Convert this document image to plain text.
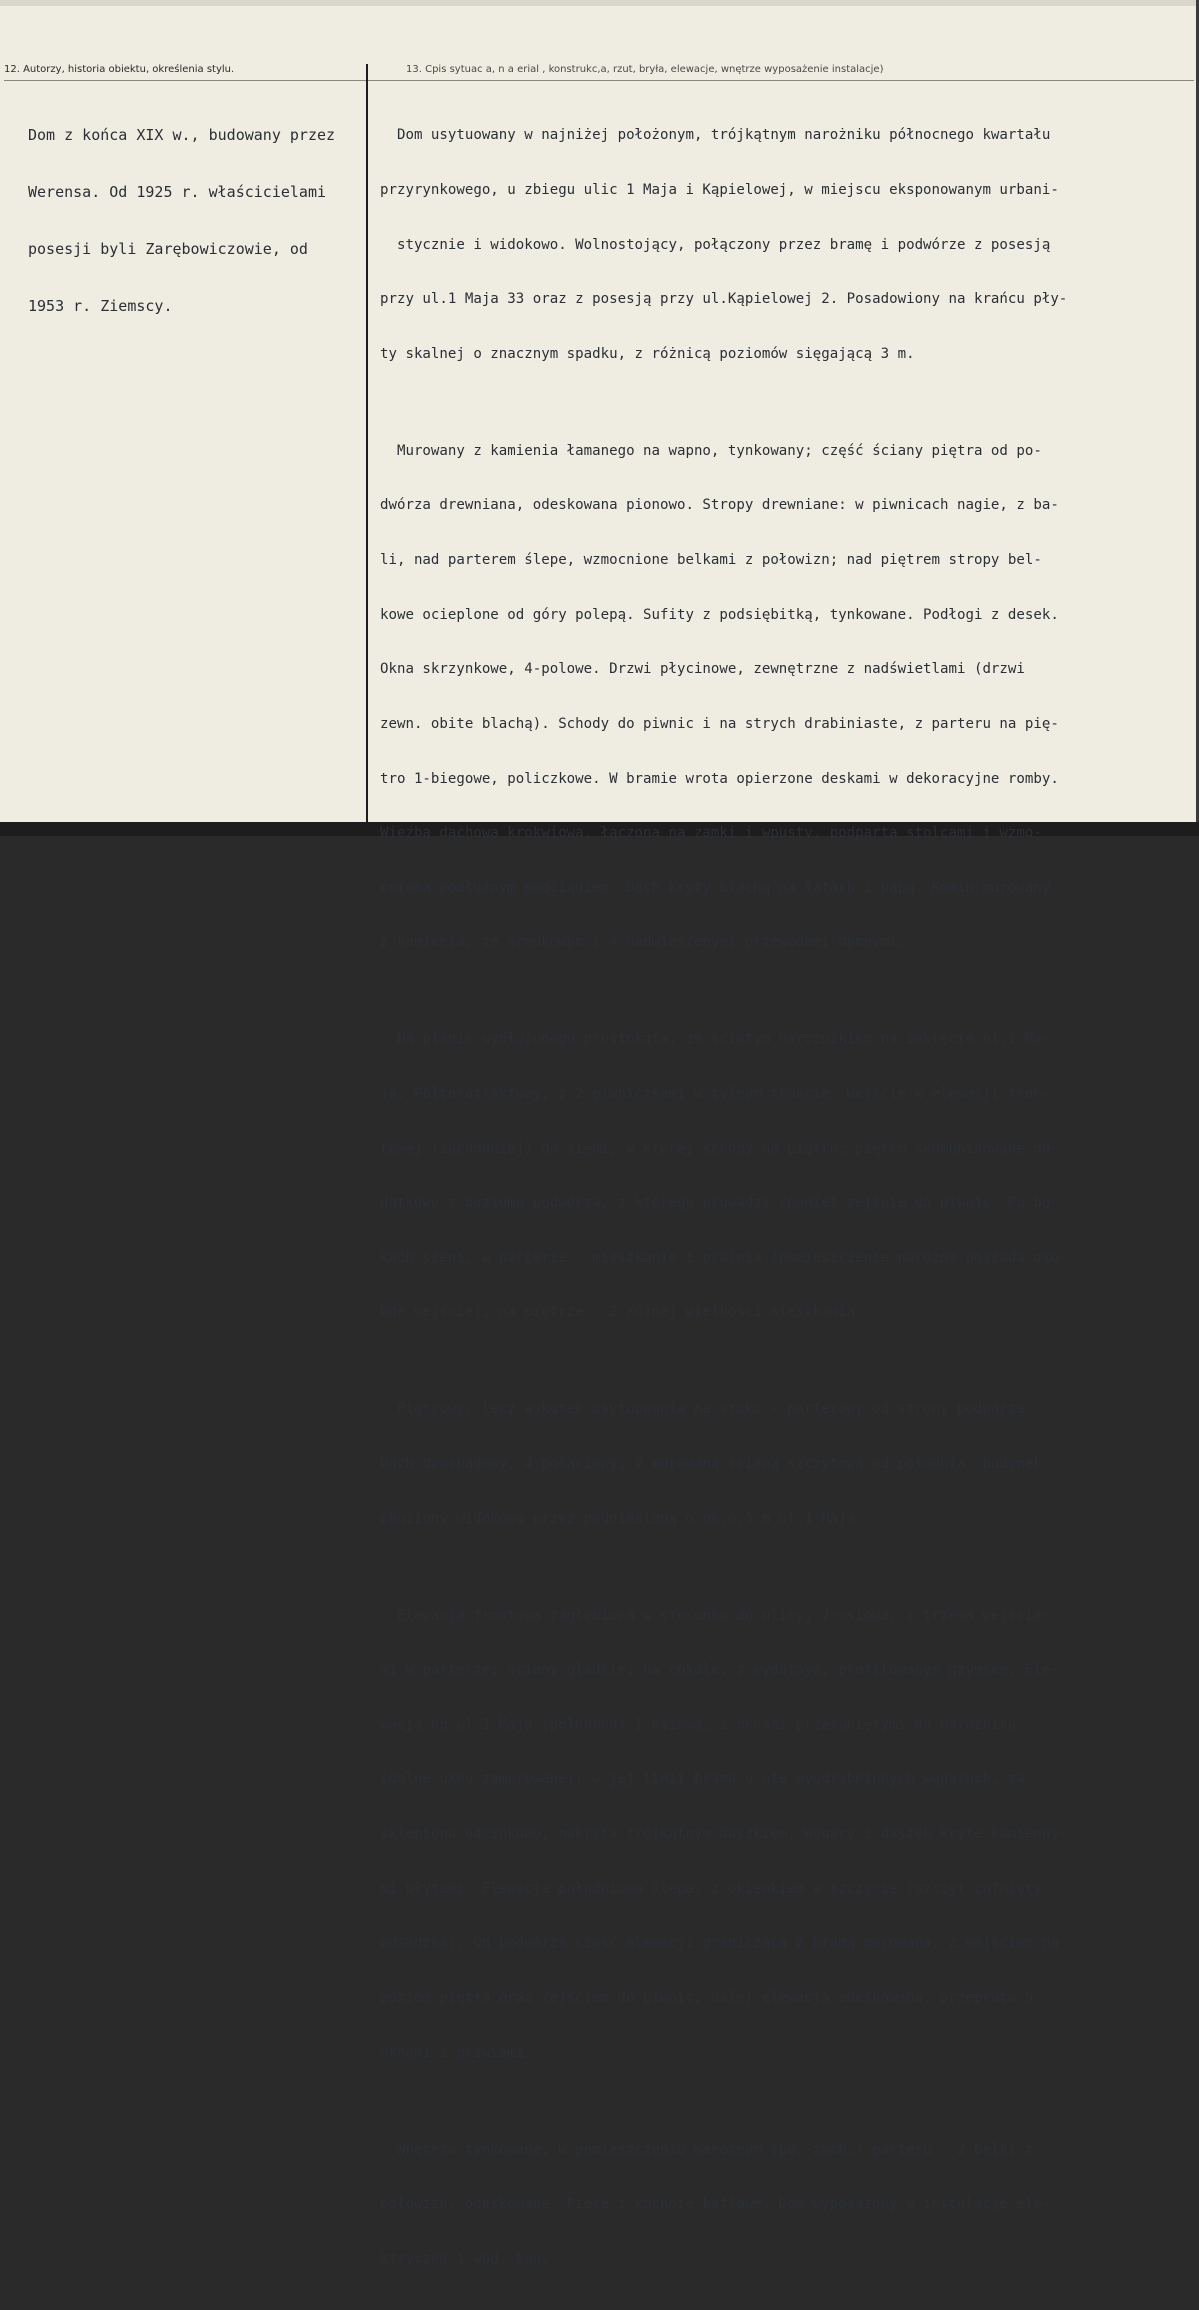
12. Autorzy, historia obiektu, określenia stylu.	13. Cpis sytuac a, n a erial , konstrukc,a, rzut, bryła, elewacje, wnętrze wyposażenie instalacje)

Dom z końca XIX w., budowany przez

Werensa. Od 1925 r. właścicielami

posesji byli Zarębowiczowie, od

1953 r. Ziemscy.

Dom usytuowany w najniżej położonym, trójkątnym narożniku północnego kwartału

przyrynkowego, u zbiegu ulic 1 Maja i Kąpielowej, w miejscu eksponowanym urbani-

stycznie i widokowo. Wolnostojący, połączony przez bramę i podwórze z posesją

przy ul.1 Maja 33 oraz z posesją przy ul.Kąpielowej 2. Posadowiony na krańcu pły-

ty skalnej o znacznym spadku, z różnicą poziomów sięgającą 3 m.

Murowany z kamienia łamanego na wapno, tynkowany; część ściany piętra od po-

dwórza drewniana, odeskowana pionowo. Stropy drewniane: w piwnicach nagie, z ba-

li, nad parterem ślepe, wzmocnione belkami z połowizn; nad piętrem stropy bel-

kowe ocieplone od góry polepą. Sufity z podsiębitką, tynkowane. Podłogi z desek.

Okna skrzynkowe, 4-polowe. Drzwi płycinowe, zewnętrzne z nadświetlami (drzwi

zewn. obite blachą). Schody do piwnic i na strych drabiniaste, z parteru na pię-

tro 1-biegowe, policzkowe. W bramie wrota opierzone deskami w dekoracyjne romby.

Więźba dachowa krokwiowa, łączona na zamki i wpusty, podparta stolcami i wzmo-

cniona podłużnym podciągiem. Dach kryty blachą na łatach i papą. Komin murowany

z kamienia, ze środkowym i 4 nadwieszonymi przewodami dymnymi.

Na planie wydłużonego prostokąta, ze ściętym narożnikiem na zakręcie ul.1 Ma-

ja. Półtoratraktowy, z 2 piwniczkami w tylnym trakcie. Wejście w elewacji fron-

towej (zachodniej) do sieni, w której schody na piętro; piętro skomunikowane do-

datkowo z poziomu podwórza, z którego prowadzi również zejście do piwnic. Po bo-

kach sieni, w parterze - mieszkanie i pralnia (pomieszczenie narożne posiada oso-

bne wejście); na piętrze - 2 różnej wielkości mieszkania.

Piętrowy, lecz wskutek usytuowania na stoku - parterowy od strony podwórza.

Dach dwuspadowy, 4-połaciowy, z murowaną ścianą szczytową od południa. Budynek

obniżony widokowo przez podniesioną o ok.0,5 m ul.1 Maja.

Elewacja frontowa zagłębiona w stosunku do ulicy, 7-osiowa, z trzema wejścia-

mi w parterze; ściany gładkie, na cokole, z wydatnym, profilowanym gzymsem. Ele-

wacja od ul.1 Maja (północna) 1-osiowa, z oknami przesuniętymi do narożnika

(dolne okno zamurowane); w jej linii brama o nie wyodrębnionych węgarach, za-

sklepiona odcinkowo, nakryta trójkątnym daszkiem. Węgary i daszek kryte kamienny-

mi płytami. Elewacja południowa ślepa, z okienkiem w szczycie (szczyt cofnięty

odsadzką). Od podwórza część elewacji granicząca z bramą murowana, z wejściem na

poziom piętra oraz zejściem do piwnic; dalej elewacja odeskowana, przepruta 5

oknami i drzwiami.

Wnętrza tynkowane. W pomieszczeniu narożnym (pd.-zach.) parteru - 2 belki z

połowizn, odeskowane. Piece i kuchnie kaflowe. Dom wyposażony w instalacje ele-

ktryczną i wod.-kan.
